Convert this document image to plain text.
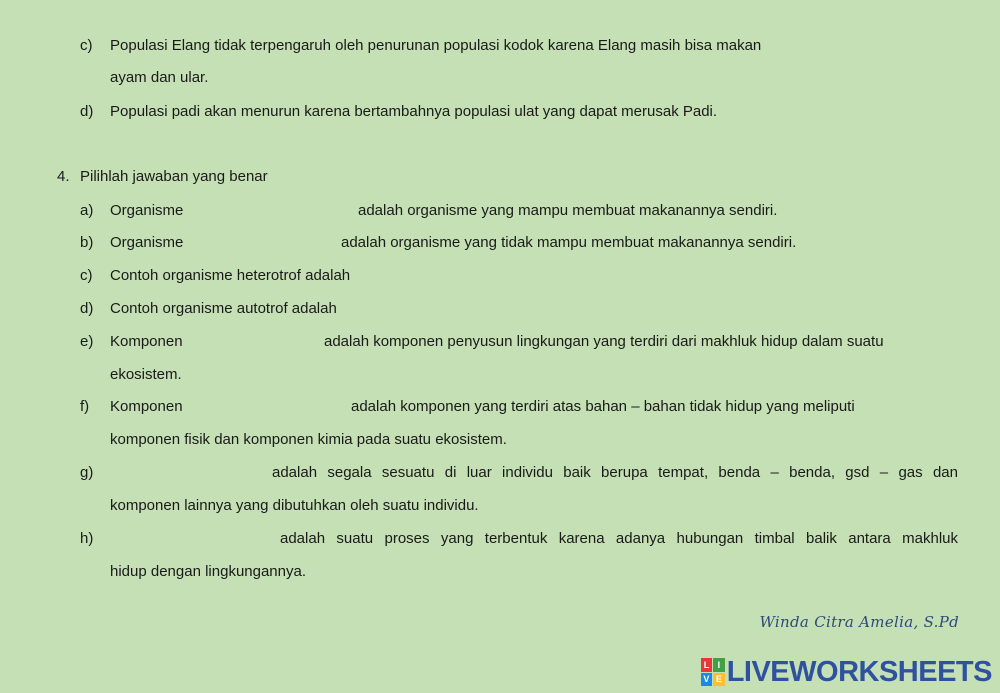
c) Populasi Elang tidak terpengaruh oleh penurunan populasi kodok karena Elang masih bisa makan
ayam dan ular.
d) Populasi padi akan menurun karena bertambahnya populasi ulat yang dapat merusak Padi.
4. Pilihlah jawaban yang benar
a) Organisme	adalah organisme yang mampu membuat makanannya sendiri.
b) Organisme	adalah organisme yang tidak mampu membuat makanannya sendiri.
c) Contoh organisme heterotrof adalah
d) Contoh organisme autotrof adalah
e) Komponen	adalah komponen penyusun lingkungan yang terdiri dari makhluk hidup dalam suatu
ekosistem.
f) Komponen	adalah komponen yang terdiri atas bahan – bahan tidak hidup yang meliputi
komponen fisik dan komponen kimia pada suatu ekosistem.
g)	adalah segala sesuatu di luar individu baik berupa tempat, benda – benda, gsd – gas dan
komponen lainnya yang dibutuhkan oleh suatu individu.
h)	adalah suatu proses yang terbentuk karena adanya hubungan timbal balik antara makhluk
hidup dengan lingkungannya.
Winda Citra Amelia, S.Pd
L I
V E LIVEWORKSHEETS
